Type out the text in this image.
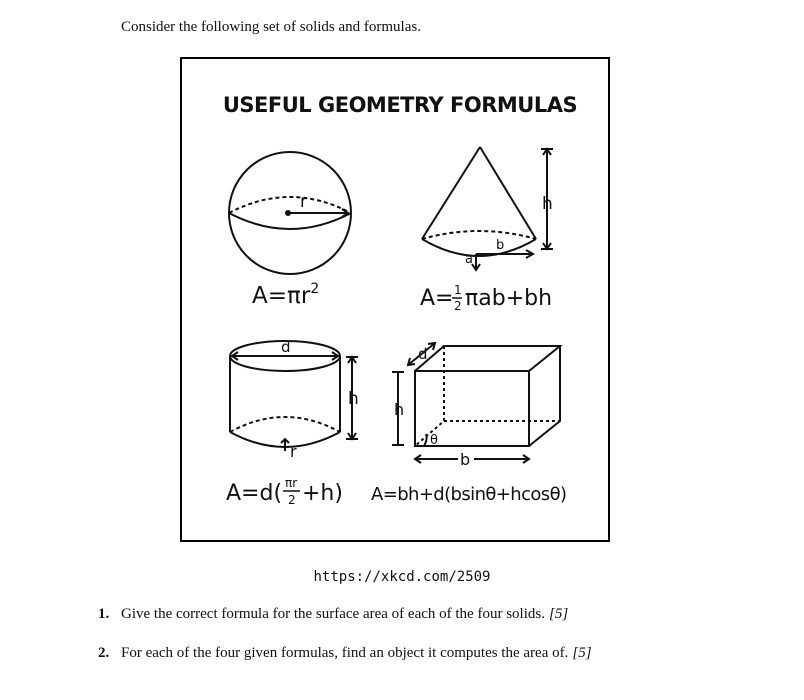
Consider the following set of solids and formulas.

USEFUL GEOMETRY FORMULAS
r
$A=\pi r^2$
h
b
a
A= 1
2 πab+bh
d
h
r
A=d( πr
2 +h)
d
h
θ
b
A=bh+d(bsinθ+hcosθ)

https://xkcd.com/2509

1. Give the correct formula for the surface area of each of the four solids. [5]

2. For each of the four given formulas, find an object it computes the area of. [5]
